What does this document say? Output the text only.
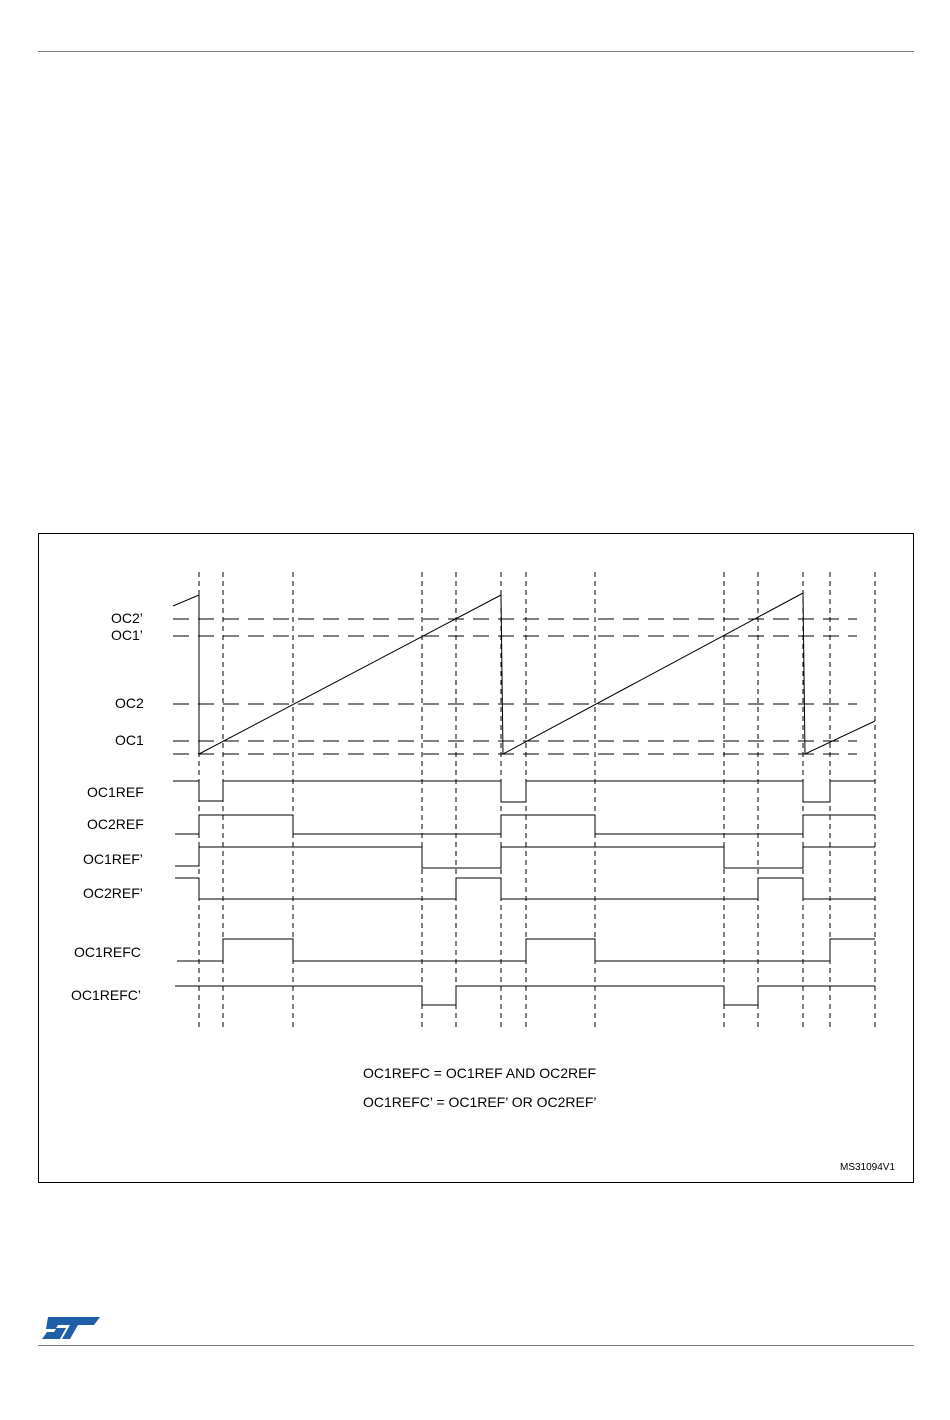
OC2’
OC1’
OC2
OC1
OC1REF
OC2REF
OC1REF’
OC2REF’
OC1REFC
OC1REFC’
OC1REFC = OC1REF AND OC2REF
OC1REFC’ = OC1REF’ OR OC2REF’
MS31094V1
